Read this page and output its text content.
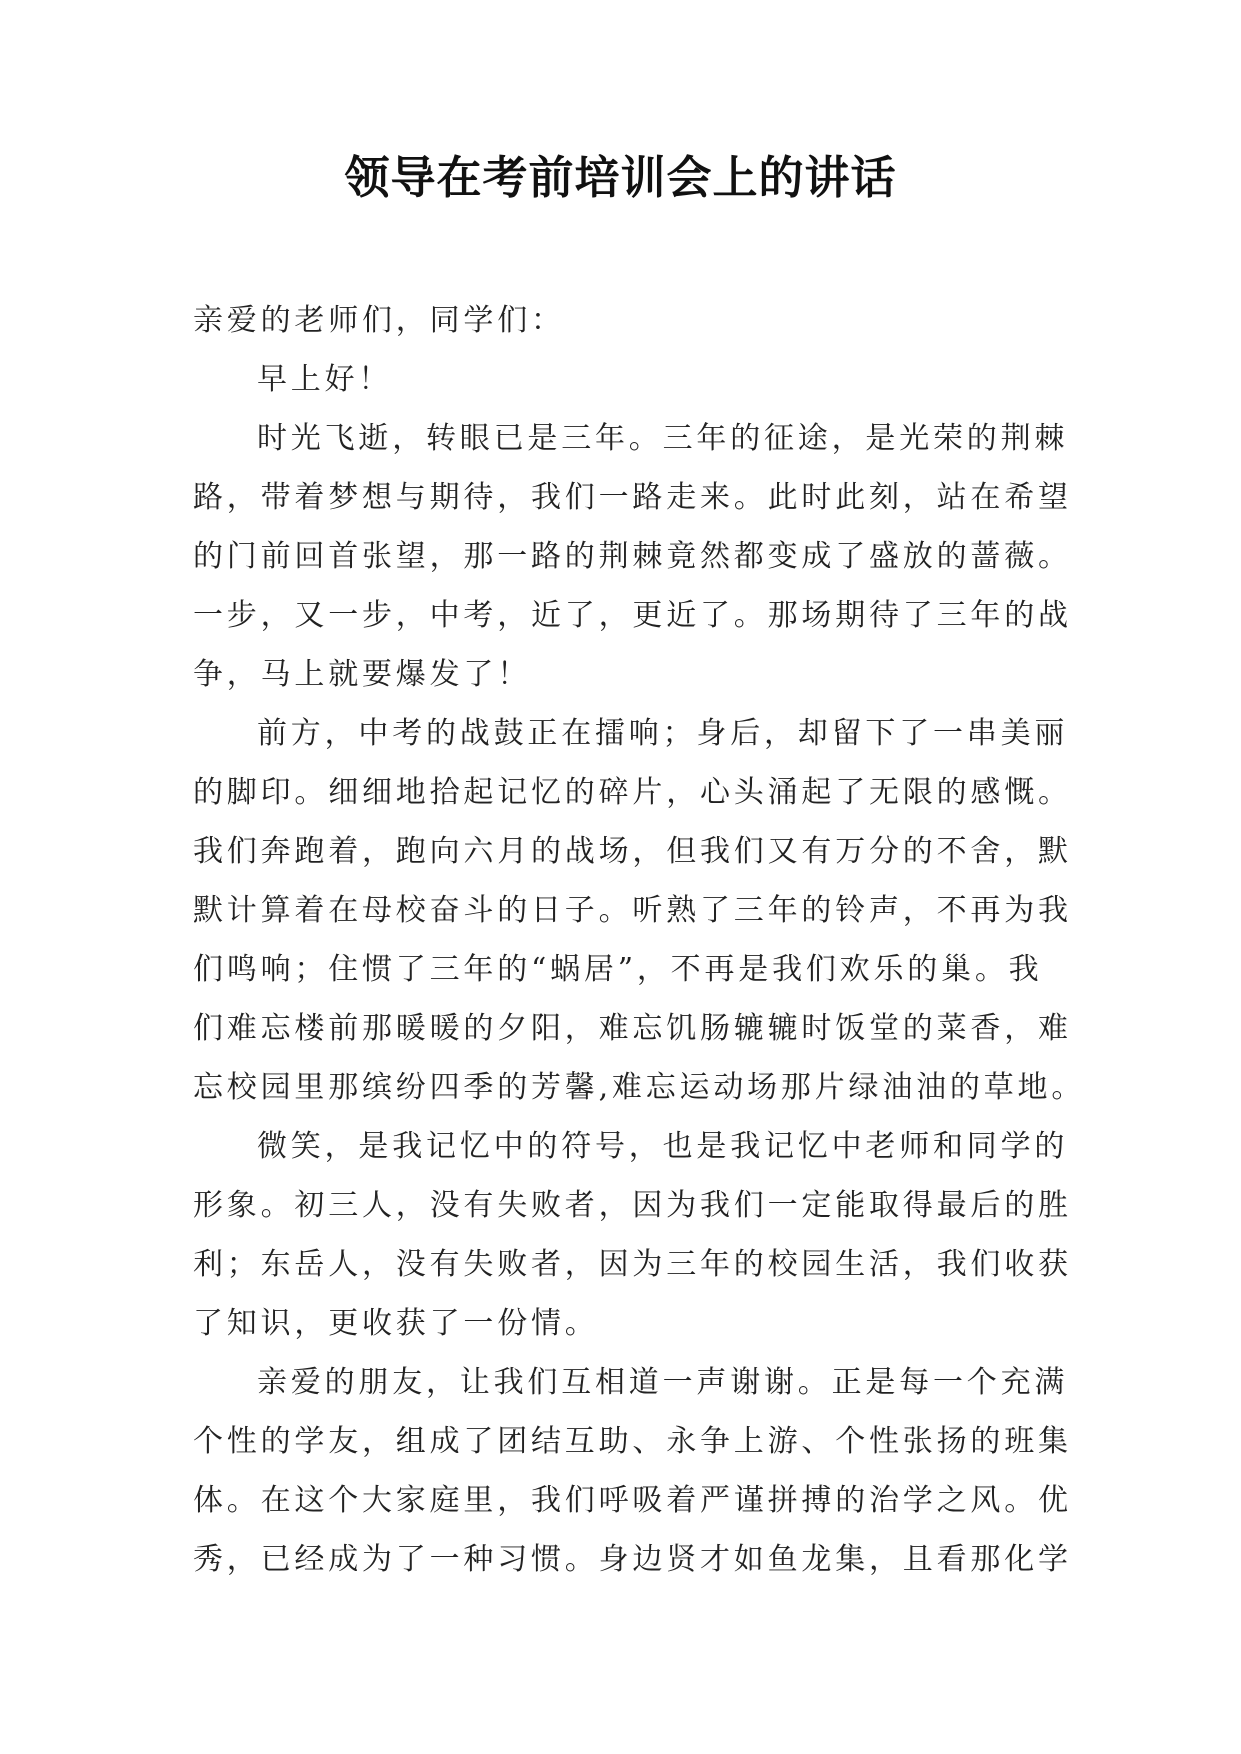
领导在考前培训会上的讲话
亲爱的老师们，同学们：
早上好！
时光飞逝，转眼已是三年。三年的征途，是光荣的荆棘
路，带着梦想与期待，我们一路走来。此时此刻，站在希望
的门前回首张望，那一路的荆棘竟然都变成了盛放的蔷薇。
一步，又一步，中考，近了，更近了。那场期待了三年的战
争，马上就要爆发了！
前方，中考的战鼓正在擂响；身后，却留下了一串美丽
的脚印。细细地拾起记忆的碎片，心头涌起了无限的感慨。
我们奔跑着，跑向六月的战场，但我们又有万分的不舍，默
默计算着在母校奋斗的日子。听熟了三年的铃声，不再为我
们鸣响；住惯了三年的“蜗居”，不再是我们欢乐的巢。我
们难忘楼前那暖暖的夕阳，难忘饥肠辘辘时饭堂的菜香，难
忘校园里那缤纷四季的芳馨,难忘运动场那片绿油油的草地。
微笑，是我记忆中的符号，也是我记忆中老师和同学的
形象。初三人，没有失败者，因为我们一定能取得最后的胜
利；东岳人，没有失败者，因为三年的校园生活，我们收获
了知识，更收获了一份情。
亲爱的朋友，让我们互相道一声谢谢。正是每一个充满
个性的学友，组成了团结互助、永争上游、个性张扬的班集
体。在这个大家庭里，我们呼吸着严谨拼搏的治学之风。优
秀，已经成为了一种习惯。身边贤才如鱼龙集，且看那化学
